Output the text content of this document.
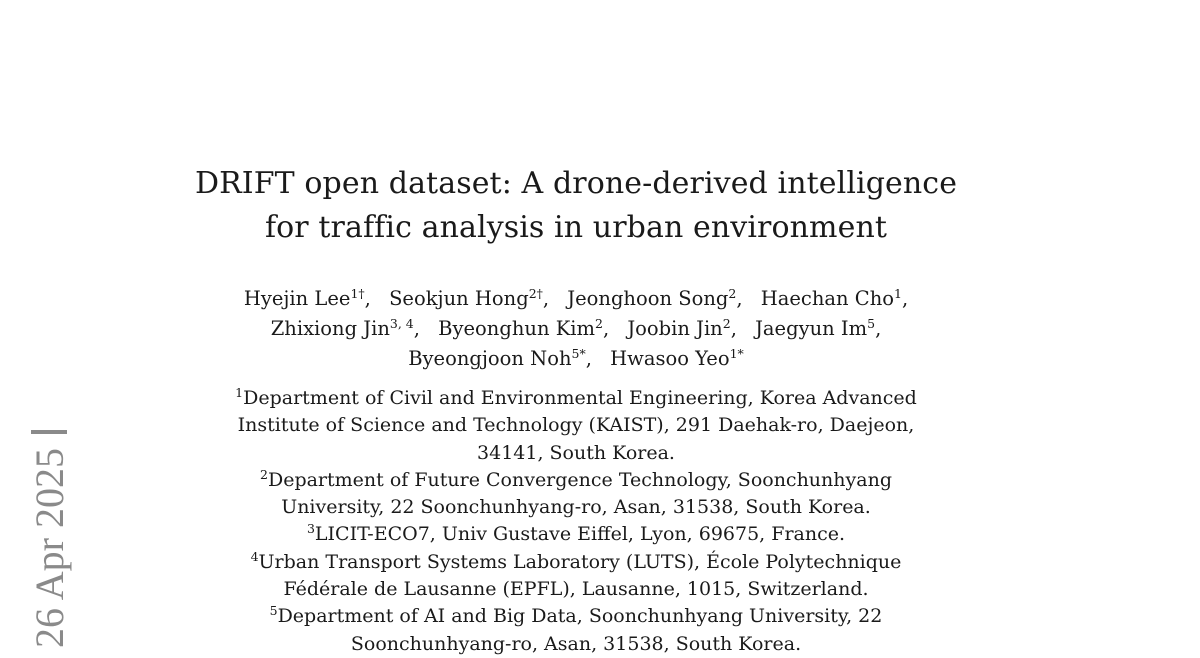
DRIFT open dataset: A drone-derived intelligence
for traffic analysis in urban environment
Hyejin Lee$^{1\dagger}$, Seokjun Hong$^{2\dagger}$, Jeonghoon Song$^2$, Haechan Cho$^1$,
Zhixiong Jin$^{3, 4}$, Byeonghun Kim$^2$, Joobin Jin$^2$, Jaegyun Im$^5$,
Byeongjoon Noh$^{5*}$, Hwasoo Yeo$^{1*}$
$^1$Department of Civil and Environmental Engineering, Korea Advanced
Institute of Science and Technology (KAIST), 291 Daehak-ro, Daejeon,
34141, South Korea.
$^2$Department of Future Convergence Technology, Soonchunhyang
University, 22 Soonchunhyang-ro, Asan, 31538, South Korea.
$^3$LICIT-ECO7, Univ Gustave Eiffel, Lyon, 69675, France.
$^4$Urban Transport Systems Laboratory (LUTS), École Polytechnique
Fédérale de Lausanne (EPFL), Lausanne, 1015, Switzerland.
$^5$Department of AI and Big Data, Soonchunhyang University, 22
Soonchunhyang-ro, Asan, 31538, South Korea.
26 Apr 2025
